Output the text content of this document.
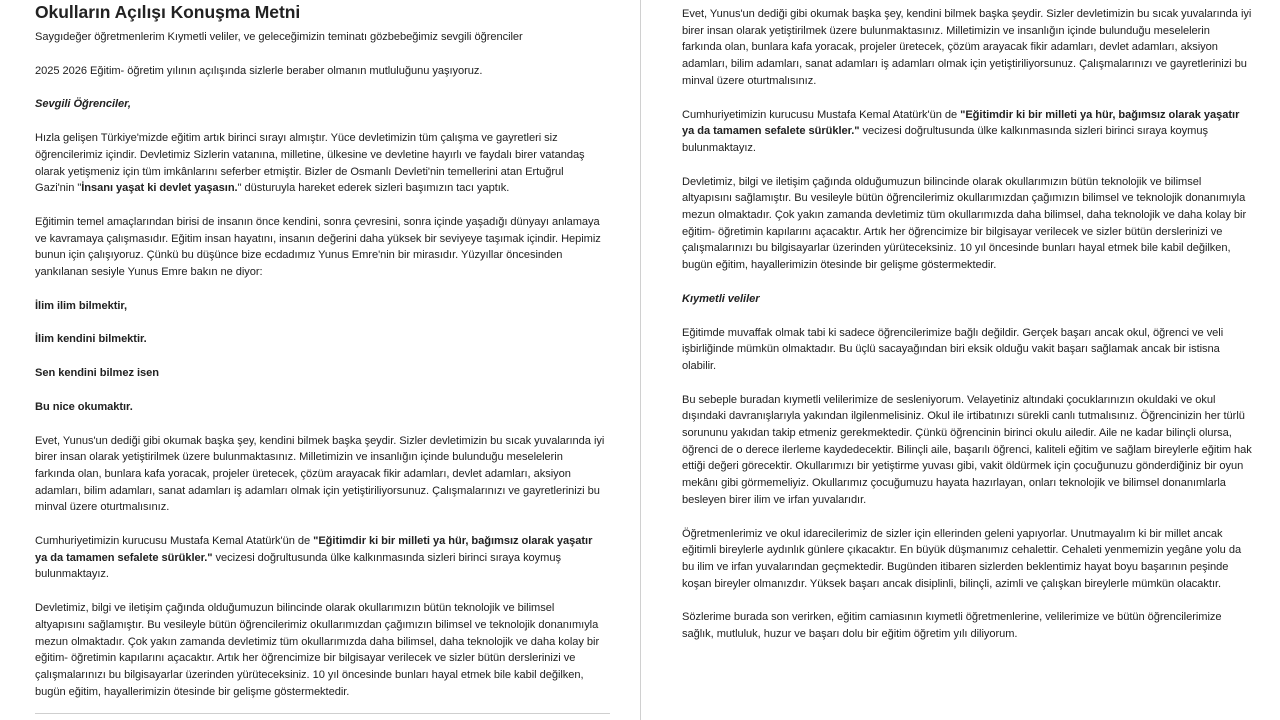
Okulların Açılışı Konuşma Metni

Saygıdeğer öğretmenlerim Kıymetli veliler, ve geleceğimizin teminatı gözbebeğimiz sevgili öğrenciler

2025 2026 Eğitim- öğretim yılının açılışında sizlerle beraber olmanın mutluluğunu yaşıyoruz.

Sevgili Öğrenciler,

Hızla gelişen Türkiye'mizde eğitim artık birinci sırayı almıştır. Yüce devletimizin tüm çalışma ve gayretleri siz öğrencilerimiz içindir. Devletimiz Sizlerin vatanına, milletine, ülkesine ve devletine hayırlı ve faydalı birer vatandaş olarak yetişmeniz için tüm imkânlarını seferber etmiştir. Bizler de Osmanlı Devleti'nin temellerini atan Ertuğrul Gazi'nin "İnsanı yaşat ki devlet yaşasın." düsturuyla hareket ederek sizleri başımızın tacı yaptık.

Eğitimin temel amaçlarından birisi de insanın önce kendini, sonra çevresini, sonra içinde yaşadığı dünyayı anlamaya ve kavramaya çalışmasıdır. Eğitim insan hayatını, insanın değerini daha yüksek bir seviyeye taşımak içindir. Hepimiz bunun için çalışıyoruz. Çünkü bu düşünce bize ecdadımız Yunus Emre'nin bir mirasıdır. Yüzyıllar öncesinden yankılanan sesiyle Yunus Emre bakın ne diyor:

İlim ilim bilmektir,

İlim kendini bilmektir.

Sen kendini bilmez isen

Bu nice okumaktır.

Evet, Yunus'un dediği gibi okumak başka şey, kendini bilmek başka şeydir. Sizler devletimizin bu sıcak yuvalarında iyi birer insan olarak yetiştirilmek üzere bulunmaktasınız. Milletimizin ve insanlığın içinde bulunduğu meselelerin farkında olan, bunlara kafa yoracak, projeler üretecek, çözüm arayacak fikir adamları, devlet adamları, aksiyon adamları, bilim adamları, sanat adamları iş adamları olmak için yetiştiriliyorsunuz. Çalışmalarınızı ve gayretlerinizi bu minval üzere oturtmalısınız.

Cumhuriyetimizin kurucusu Mustafa Kemal Atatürk'ün de "Eğitimdir ki bir milleti ya hür, bağımsız olarak yaşatır ya da tamamen sefalete sürükler." vecizesi doğrultusunda ülke kalkınmasında sizleri birinci sıraya koymuş bulunmaktayız.

Devletimiz, bilgi ve iletişim çağında olduğumuzun bilincinde olarak okullarımızın bütün teknolojik ve bilimsel altyapısını sağlamıştır. Bu vesileyle bütün öğrencilerimiz okullarımızdan çağımızın bilimsel ve teknolojik donanımıyla mezun olmaktadır. Çok yakın zamanda devletimiz tüm okullarımızda daha bilimsel, daha teknolojik ve daha kolay bir eğitim- öğretimin kapılarını açacaktır. Artık her öğrencimize bir bilgisayar verilecek ve sizler bütün derslerinizi ve çalışmalarınızı bu bilgisayarlar üzerinden yürüteceksiniz. 10 yıl öncesinde bunları hayal etmek bile kabil değilken, bugün eğitim, hayallerimizin ötesinde bir gelişme göstermektedir.

Evet, Yunus'un dediği gibi okumak başka şey, kendini bilmek başka şeydir. Sizler devletimizin bu sıcak yuvalarında iyi birer insan olarak yetiştirilmek üzere bulunmaktasınız. Milletimizin ve insanlığın içinde bulunduğu meselelerin farkında olan, bunlara kafa yoracak, projeler üretecek, çözüm arayacak fikir adamları, devlet adamları, aksiyon adamları, bilim adamları, sanat adamları iş adamları olmak için yetiştiriliyorsunuz. Çalışmalarınızı ve gayretlerinizi bu minval üzere oturtmalısınız.

Cumhuriyetimizin kurucusu Mustafa Kemal Atatürk'ün de "Eğitimdir ki bir milleti ya hür, bağımsız olarak yaşatır ya da tamamen sefalete sürükler." vecizesi doğrultusunda ülke kalkınmasında sizleri birinci sıraya koymuş bulunmaktayız.

Devletimiz, bilgi ve iletişim çağında olduğumuzun bilincinde olarak okullarımızın bütün teknolojik ve bilimsel altyapısını sağlamıştır. Bu vesileyle bütün öğrencilerimiz okullarımızdan çağımızın bilimsel ve teknolojik donanımıyla mezun olmaktadır. Çok yakın zamanda devletimiz tüm okullarımızda daha bilimsel, daha teknolojik ve daha kolay bir eğitim- öğretimin kapılarını açacaktır. Artık her öğrencimize bir bilgisayar verilecek ve sizler bütün derslerinizi ve çalışmalarınızı bu bilgisayarlar üzerinden yürüteceksiniz. 10 yıl öncesinde bunları hayal etmek bile kabil değilken, bugün eğitim, hayallerimizin ötesinde bir gelişme göstermektedir.

Kıymetli veliler

Eğitimde muvaffak olmak tabi ki sadece öğrencilerimize bağlı değildir. Gerçek başarı ancak okul, öğrenci ve veli işbirliğinde mümkün olmaktadır. Bu üçlü sacayağından biri eksik olduğu vakit başarı sağlamak ancak bir istisna olabilir.

Bu sebeple buradan kıymetli velilerimize de sesleniyorum. Velayetiniz altındaki çocuklarınızın okuldaki ve okul dışındaki davranışlarıyla yakından ilgilenmelisiniz. Okul ile irtibatınızı sürekli canlı tutmalısınız. Öğrencinizin her türlü sorununu yakıdan takip etmeniz gerekmektedir. Çünkü öğrencinin birinci okulu ailedir. Aile ne kadar bilinçli olursa, öğrenci de o derece ilerleme kaydedecektir. Bilinçli aile, başarılı öğrenci, kaliteli eğitim ve sağlam bireylerle eğitim hak ettiği değeri görecektir. Okullarımızı bir yetiştirme yuvası gibi, vakit öldürmek için çocuğunuzu gönderdiğiniz bir oyun mekânı gibi görmemeliyiz. Okullarımız çocuğumuzu hayata hazırlayan, onları teknolojik ve bilimsel donanımlarla besleyen birer ilim ve irfan yuvalarıdır.

Öğretmenlerimiz ve okul idarecilerimiz de sizler için ellerinden geleni yapıyorlar. Unutmayalım ki bir millet ancak eğitimli bireylerle aydınlık günlere çıkacaktır. En büyük düşmanımız cehalettir. Cehaleti yenmemizin yegâne yolu da bu ilim ve irfan yuvalarından geçmektedir. Bugünden itibaren sizlerden beklentimiz hayat boyu başarının peşinde koşan bireyler olmanızdır. Yüksek başarı ancak disiplinli, bilinçli, azimli ve çalışkan bireylerle mümkün olacaktır.

Sözlerime burada son verirken, eğitim camiasının kıymetli öğretmenlerine, velilerimize ve bütün öğrencilerimize sağlık, mutluluk, huzur ve başarı dolu bir eğitim öğretim yılı diliyorum.
